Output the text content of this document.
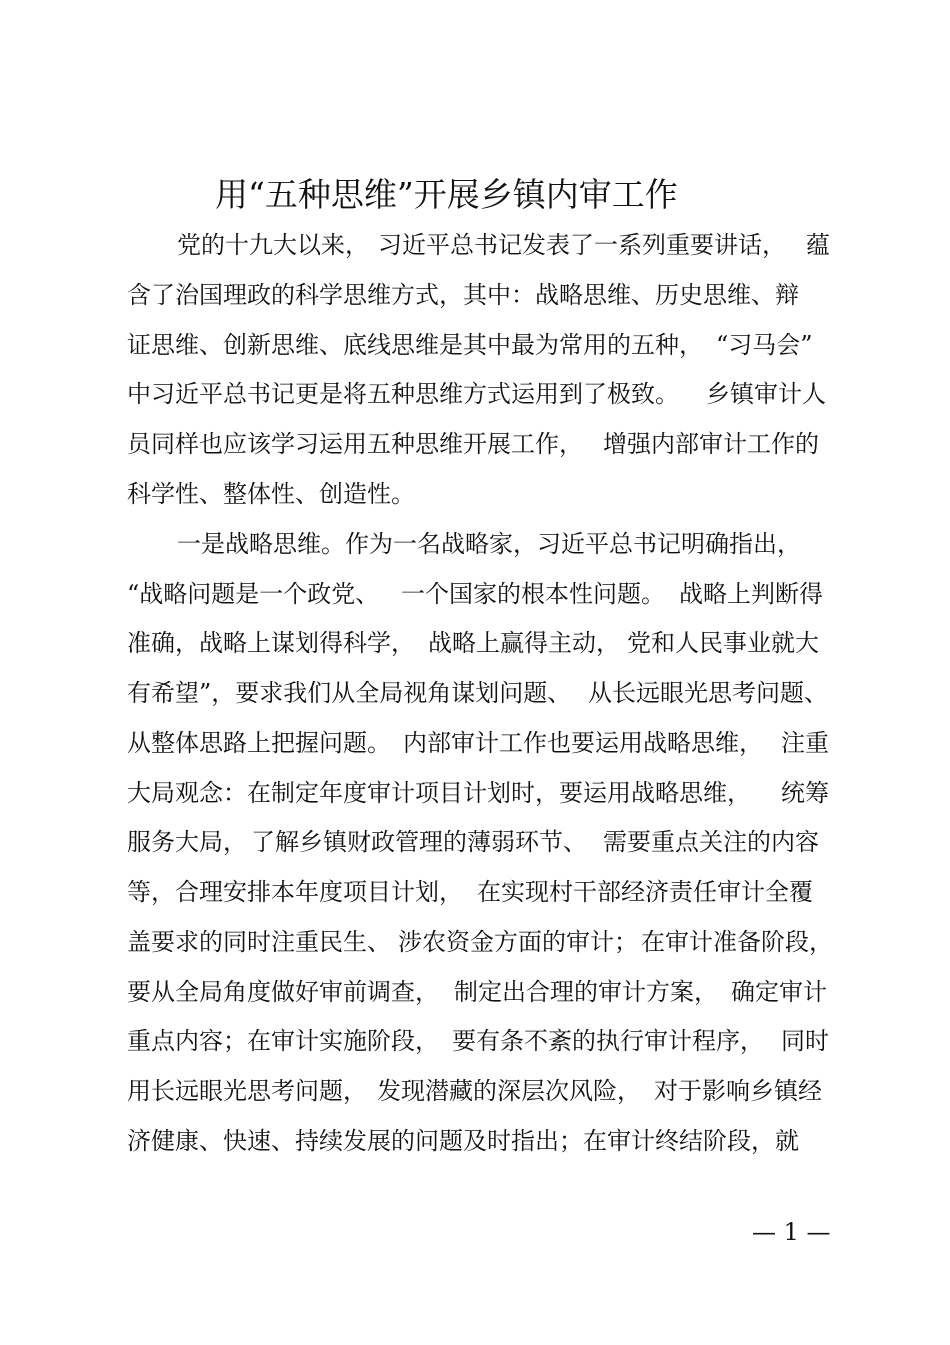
用“五种思维”开展乡镇内审工作
党的十九大以来， 习近平总书记发表了一系列重要讲话， 蕴
含了治国理政的科学思维方式，其中：战略思维、历史思维、辩
证思维、创新思维、底线思维是其中最为常用的五种， “习马会”
中习近平总书记更是将五种思维方式运用到了极致。 乡镇审计人
员同样也应该学习运用五种思维开展工作， 增强内部审计工作的
科学性、整体性、创造性。
一是战略思维。作为一名战略家，习近平总书记明确指出，
“战略问题是一个政党、 一个国家的根本性问题。 战略上判断得
准确，战略上谋划得科学， 战略上赢得主动， 党和人民事业就大
有希望”，要求我们从全局视角谋划问题、 从长远眼光思考问题、
从整体思路上把握问题。 内部审计工作也要运用战略思维， 注重
大局观念：在制定年度审计项目计划时，要运用战略思维， 统筹
服务大局， 了解乡镇财政管理的薄弱环节、 需要重点关注的内容
等，合理安排本年度项目计划， 在实现村干部经济责任审计全覆
盖要求的同时注重民生、 涉农资金方面的审计； 在审计准备阶段，
要从全局角度做好审前调查， 制定出合理的审计方案， 确定审计
重点内容；在审计实施阶段， 要有条不紊的执行审计程序， 同时
用长远眼光思考问题， 发现潜藏的深层次风险， 对于影响乡镇经
济健康、快速、持续发展的问题及时指出；在审计终结阶段，就
— 1 —
